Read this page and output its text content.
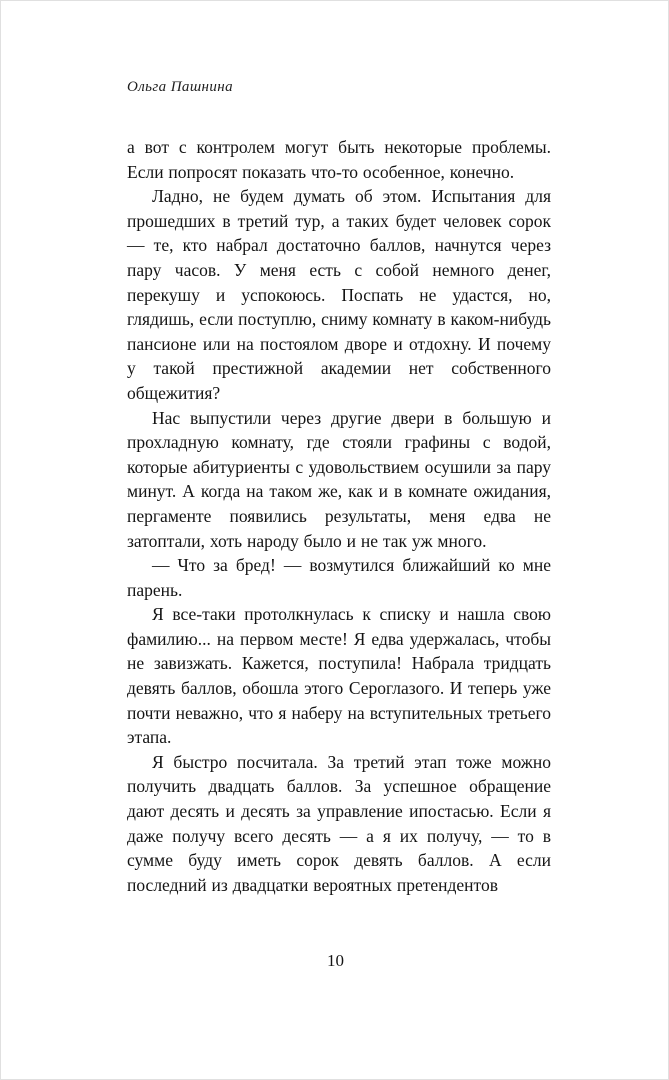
Ольга Пашнина

а вот с контролем могут быть некоторые проблемы. Если попросят показать что-то особенное, конечно.

Ладно, не будем думать об этом. Испытания для прошедших в третий тур, а таких будет человек сорок — те, кто набрал достаточно баллов, начнутся через пару часов. У меня есть с собой немного денег, перекушу и успокоюсь. Поспать не удастся, но, глядишь, если поступлю, сниму комнату в каком-нибудь пансионе или на постоялом дворе и отдохну. И почему у такой престижной академии нет собственного общежития?

Нас выпустили через другие двери в большую и прохладную комнату, где стояли графины с водой, которые абитуриенты с удовольствием осушили за пару минут. А когда на таком же, как и в комнате ожидания, пергаменте появились результаты, меня едва не затоптали, хоть народу было и не так уж много.

— Что за бред! — возмутился ближайший ко мне парень.

Я все-таки протолкнулась к списку и нашла свою фамилию... на первом месте! Я едва удержалась, чтобы не завизжать. Кажется, поступила! Набрала тридцать девять баллов, обошла этого Сероглазого. И теперь уже почти неважно, что я наберу на вступительных третьего этапа.

Я быстро посчитала. За третий этап тоже можно получить двадцать баллов. За успешное обращение дают десять и десять за управление ипостасью. Если я даже получу всего десять — а я их получу, — то в сумме буду иметь сорок девять баллов. А если последний из двадцатки вероятных претендентов

10
